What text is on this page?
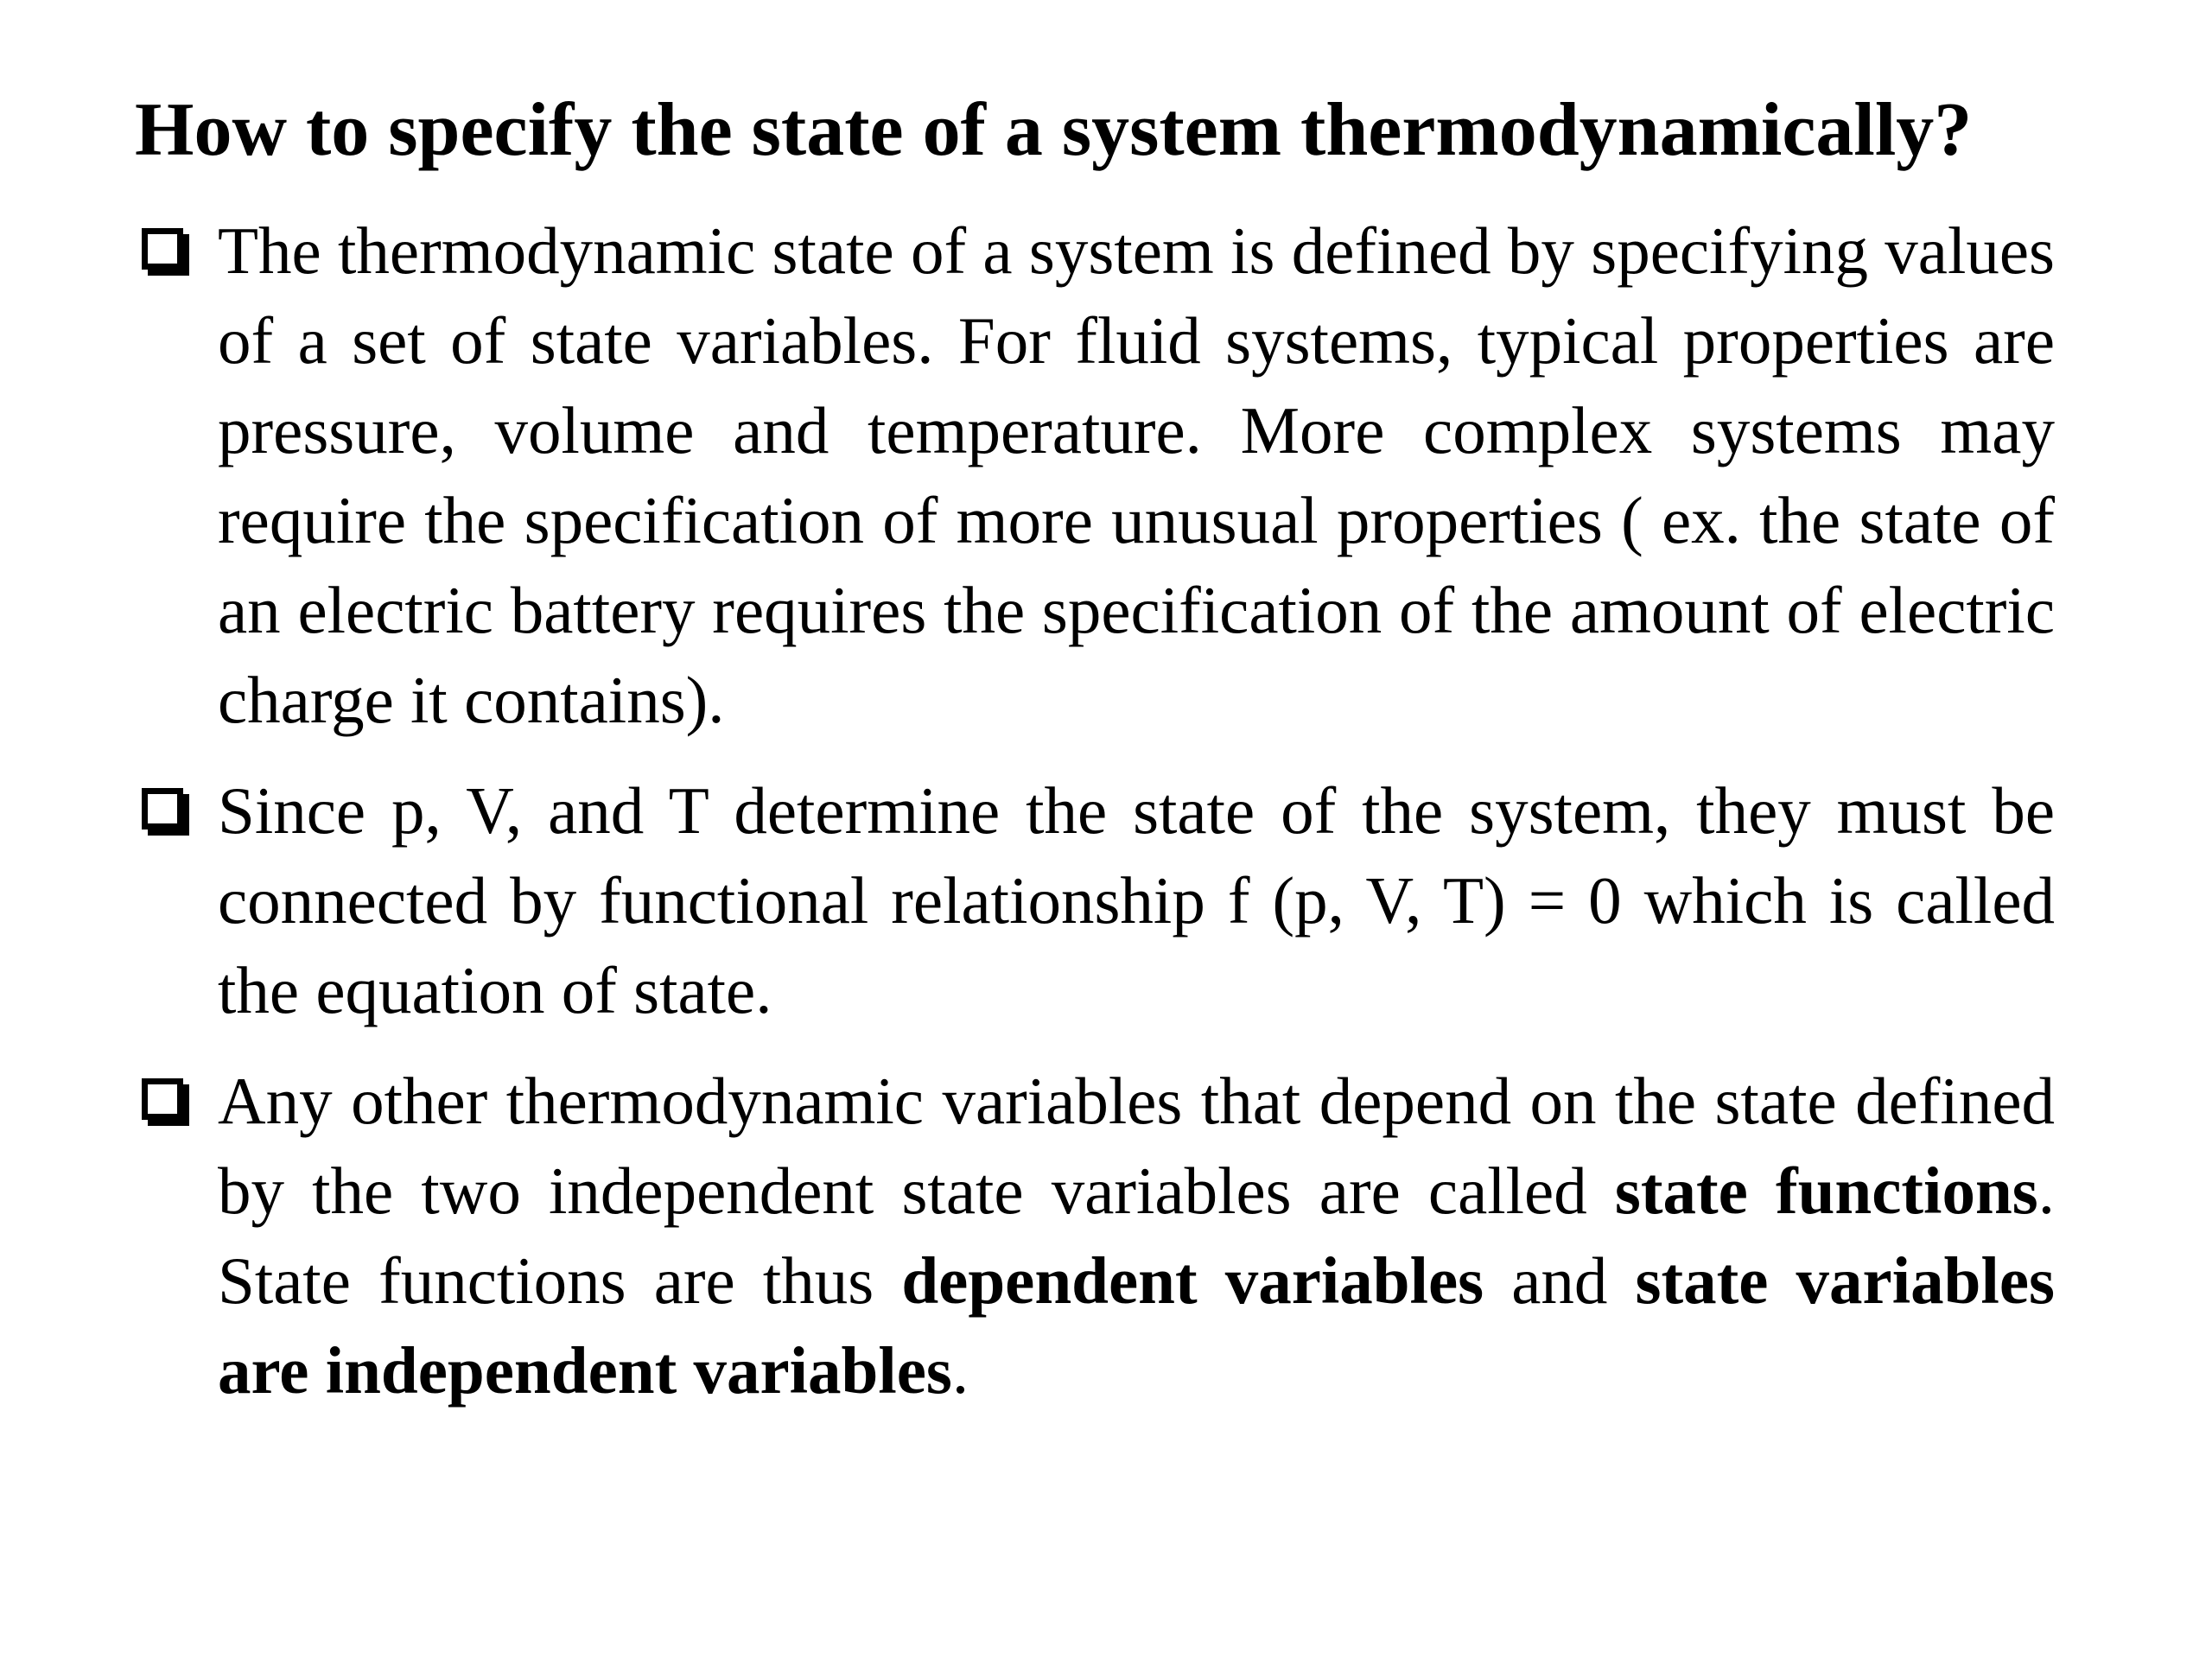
How to specify the state of a system thermodynamically?
The thermodynamic state of a system is defined by specifying values of a set of state variables. For fluid systems, typical properties are pressure, volume and temperature. More complex systems may require the specification of more unusual properties ( ex. the state of an electric battery requires the specification of the amount of electric charge it contains).
Since p, V, and T determine the state of the system, they must be connected by functional relationship f (p, V, T) = 0 which is called the equation of state.
Any other thermodynamic variables that depend on the state defined by the two independent state variables are called state functions. State functions are thus dependent variables and state variables are independent variables.
